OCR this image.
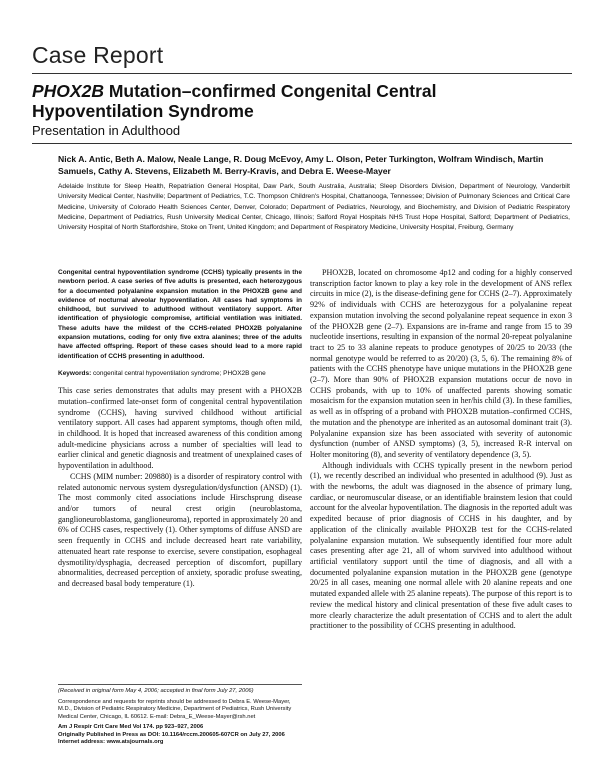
Case Report
PHOX2B Mutation–confirmed Congenital Central Hypoventilation Syndrome
Presentation in Adulthood
Nick A. Antic, Beth A. Malow, Neale Lange, R. Doug McEvoy, Amy L. Olson, Peter Turkington, Wolfram Windisch, Martin Samuels, Cathy A. Stevens, Elizabeth M. Berry-Kravis, and Debra E. Weese-Mayer
Adelaide Institute for Sleep Health, Repatriation General Hospital, Daw Park, South Australia, Australia; Sleep Disorders Division, Department of Neurology, Vanderbilt University Medical Center, Nashville; Department of Pediatrics, T.C. Thompson Children's Hospital, Chattanooga, Tennessee; Division of Pulmonary Sciences and Critical Care Medicine, University of Colorado Health Sciences Center, Denver, Colorado; Department of Pediatrics, Neurology, and Biochemistry, and Division of Pediatric Respiratory Medicine, Department of Pediatrics, Rush University Medical Center, Chicago, Illinois; Salford Royal Hospitals NHS Trust Hope Hospital, Salford; Department of Pediatrics, University Hospital of North Staffordshire, Stoke on Trent, United Kingdom; and Department of Respiratory Medicine, University Hospital, Freiburg, Germany

Congenital central hypoventilation syndrome (CCHS) typically presents in the newborn period. A case series of five adults is presented, each heterozygous for a documented polyalanine expansion mutation in the PHOX2B gene and evidence of nocturnal alveolar hypoventilation. All cases had symptoms in childhood, but survived to adulthood without ventilatory support. After identification of physiologic compromise, artificial ventilation was initiated. These adults have the mildest of the CCHS-related PHOX2B polyalanine expansion mutations, coding for only five extra alanines; three of the adults have affected offspring. Report of these cases should lead to a more rapid identification of CCHS presenting in adulthood.

Keywords: congenital central hypoventilation syndrome; PHOX2B gene

This case series demonstrates that adults may present with a PHOX2B mutation–confirmed late-onset form of congenital central hypoventilation syndrome (CCHS), having survived childhood without artificial ventilatory support. All cases had apparent symptoms, though often mild, in childhood. It is hoped that increased awareness of this condition among adult-medicine physicians across a number of specialties will lead to earlier clinical and genetic diagnosis and treatment of unexplained cases of hypoventilation in adulthood.

CCHS (MIM number: 209880) is a disorder of respiratory control with related autonomic nervous system dysregulation/dysfunction (ANSD) (1). The most commonly cited associations include Hirschsprung disease and/or tumors of neural crest origin (neuroblastoma, ganglioneuroblastoma, ganglioneuroma), reported in approximately 20 and 6% of CCHS cases, respectively (1). Other symptoms of diffuse ANSD are seen frequently in CCHS and include decreased heart rate variability, attenuated heart rate response to exercise, severe constipation, esophageal dysmotility/dysphagia, decreased perception of discomfort, pupillary abnormalities, decreased perception of anxiety, sporadic profuse sweating, and decreased basal body temperature (1).

PHOX2B, located on chromosome 4p12 and coding for a highly conserved transcription factor known to play a key role in the development of ANS reflex circuits in mice (2), is the disease-defining gene for CCHS (2–7). Approximately 92% of individuals with CCHS are heterozygous for a polyalanine repeat expansion mutation involving the second polyalanine repeat sequence in exon 3 of the PHOX2B gene (2–7). Expansions are in-frame and range from 15 to 39 nucleotide insertions, resulting in expansion of the normal 20-repeat polyalanine tract to 25 to 33 alanine repeats to produce genotypes of 20/25 to 20/33 (the normal genotype would be referred to as 20/20) (3, 5, 6). The remaining 8% of patients with the CCHS phenotype have unique mutations in the PHOX2B gene (2–7). More than 90% of PHOX2B expansion mutations occur de novo in CCHS probands, with up to 10% of unaffected parents showing somatic mosaicism for the expansion mutation seen in her/his child (3). In these families, as well as in offspring of a proband with PHOX2B mutation–confirmed CCHS, the mutation and the phenotype are inherited as an autosomal dominant trait (3). Polyalanine expansion size has been associated with severity of autonomic dysfunction (number of ANSD symptoms) (3, 5), increased R-R interval on Holter monitoring (8), and severity of ventilatory dependence (3, 5).

Although individuals with CCHS typically present in the newborn period (1), we recently described an individual who presented in adulthood (9). Just as with the newborns, the adult was diagnosed in the absence of primary lung, cardiac, or neuromuscular disease, or an identifiable brainstem lesion that could account for the alveolar hypoventilation. The diagnosis in the reported adult was expedited because of prior diagnosis of CCHS in his daughter, and by application of the clinically available PHOX2B test for the CCHS-related polyalanine expansion mutation. We subsequently identified four more adult cases presenting after age 21, all of whom survived into adulthood without artificial ventilatory support until the time of diagnosis, and all with a documented polyalanine expansion mutation in the PHOX2B gene (genotype 20/25 in all cases, meaning one normal allele with 20 alanine repeats and one mutated expanded allele with 25 alanine repeats). The purpose of this report is to review the medical history and clinical presentation of these five adult cases to more clearly characterize the adult presentation of CCHS and to alert the adult practitioner to the possibility of CCHS presenting in adulthood.

(Received in original form May 4, 2006; accepted in final form July 27, 2006)

Correspondence and requests for reprints should be addressed to Debra E. Weese-Mayer, M.D., Division of Pediatric Respiratory Medicine, Department of Pediatrics, Rush University Medical Center, Chicago, IL 60612. E-mail: Debra_E_Weese-Mayer@rsh.net

Am J Respir Crit Care Med Vol 174. pp 923–927, 2006

Originally Published in Press as DOI: 10.1164/rccm.200605-607CR on July 27, 2006

Internet address: www.atsjournals.org
